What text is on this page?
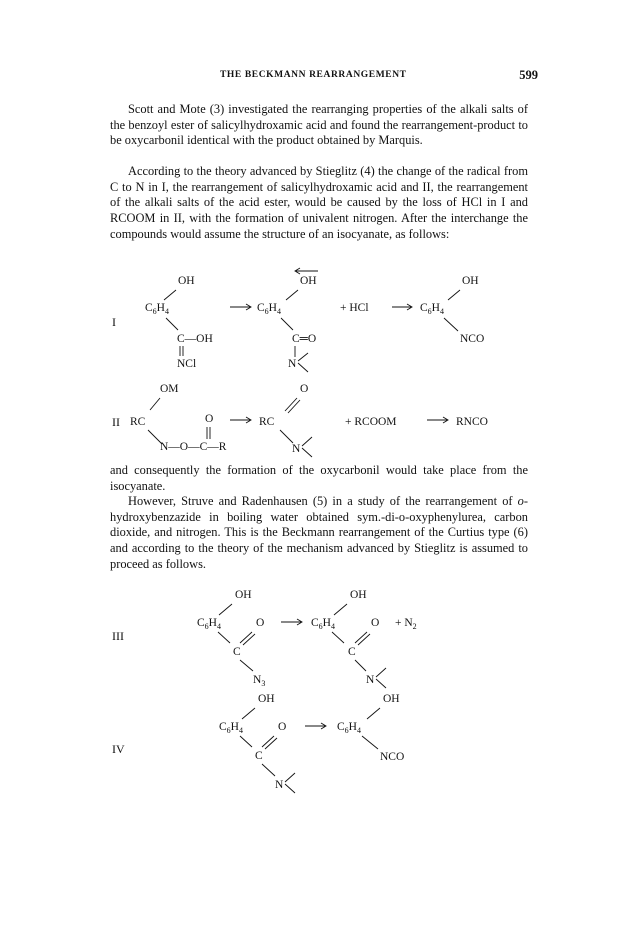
THE BECKMANN REARRANGEMENT	599

Scott and Mote (3) investigated the rearranging properties of the alkali salts of the benzoyl ester of salicylhydroxamic acid and found the rearrangement-product to be oxycarbonil identical with the product obtained by Marquis.

According to the theory advanced by Stieglitz (4) the change of the radical from C to N in I, the rearrangement of salicylhydroxamic acid and II, the rearrangement of the alkali salts of the acid ester, would be caused by the loss of HCl in I and RCOOM in II, with the formation of univalent nitrogen. After the interchange the compounds would assume the structure of an isocyanate, as follows:

and consequently the formation of the oxycarbonil would take place from the isocyanate.

However, Struve and Radenhausen (5) in a study of the rearrangement of o-hydroxybenzazide in boiling water obtained sym.-di-o-oxyphenylurea, carbon dioxide, and nitrogen. This is the Beckmann rearrangement of the Curtius type (6) and according to the theory of the mechanism advanced by Stieglitz is assumed to proceed as follows.

I
OH
$C_6H_4$
C—OH
NCl
OH
$C_6H_4$
C═O
N
+ HCl
OH
$C_6H_4$
NCO
II
OM
RC	O
N—O—C—R
O
RC
N
+ RCOOM	RNCO
III
OH
$C_6H_4$	O
C
$N_3$
OH
$C_6H_4$	O
C
N
+ $N_2$
IV
OH
$C_6H_4$	O
C
N
OH
$C_6H_4$
NCO
